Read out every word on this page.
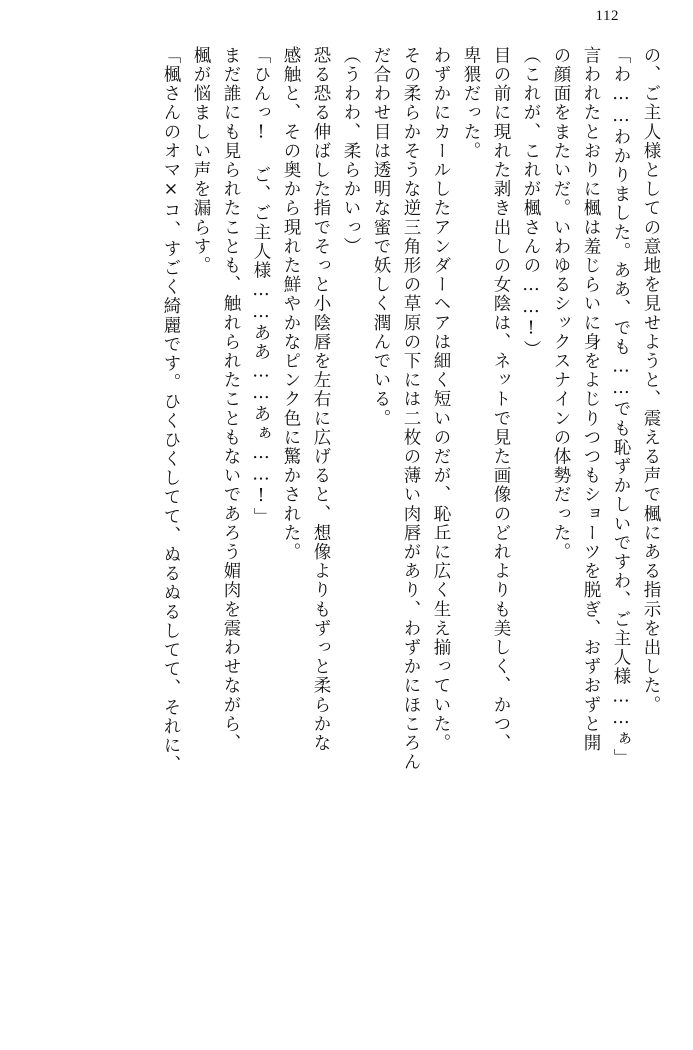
112
の、ご主人様としての意地を見せようと、震える声で楓にある指示を出した。
「わ……わかりました。ああ、でも……でも恥ずかしいですわ、ご主人様……ぁ」
言われたとおりに楓は羞じらいに身をよじりつつもショーツを脱ぎ、おずおずと開
の顔面をまたいだ。いわゆるシックスナインの体勢だった。
（これが、これが楓さんの……!）
目の前に現れた剥き出しの女陰は、ネットで見た画像のどれよりも美しく、かつ、
卑猥だった。
わずかにカールしたアンダーヘアは細く短いのだが、恥丘に広く生え揃っていた。
その柔らかそうな逆三角形の草原の下には二枚の薄い肉唇があり、わずかにほころん
だ合わせ目は透明な蜜で妖しく潤んでいる。
（うわわ、柔らかいっ）
恐る恐る伸ばした指でそっと小陰唇を左右に広げると、想像よりもずっと柔らかな
感触と、その奥から現れた鮮やかなピンク色に驚かされた。
「ひんっ! ご、ご主人様……ああ……あぁ……!」
まだ誰にも見られたことも、触れられたこともないであろう媚肉を震わせながら、
楓が悩ましい声を漏らす。
「楓さんのオマ×コ、すごく綺麗です。ひくひくしてて、ぬるぬるしてて、それに、
